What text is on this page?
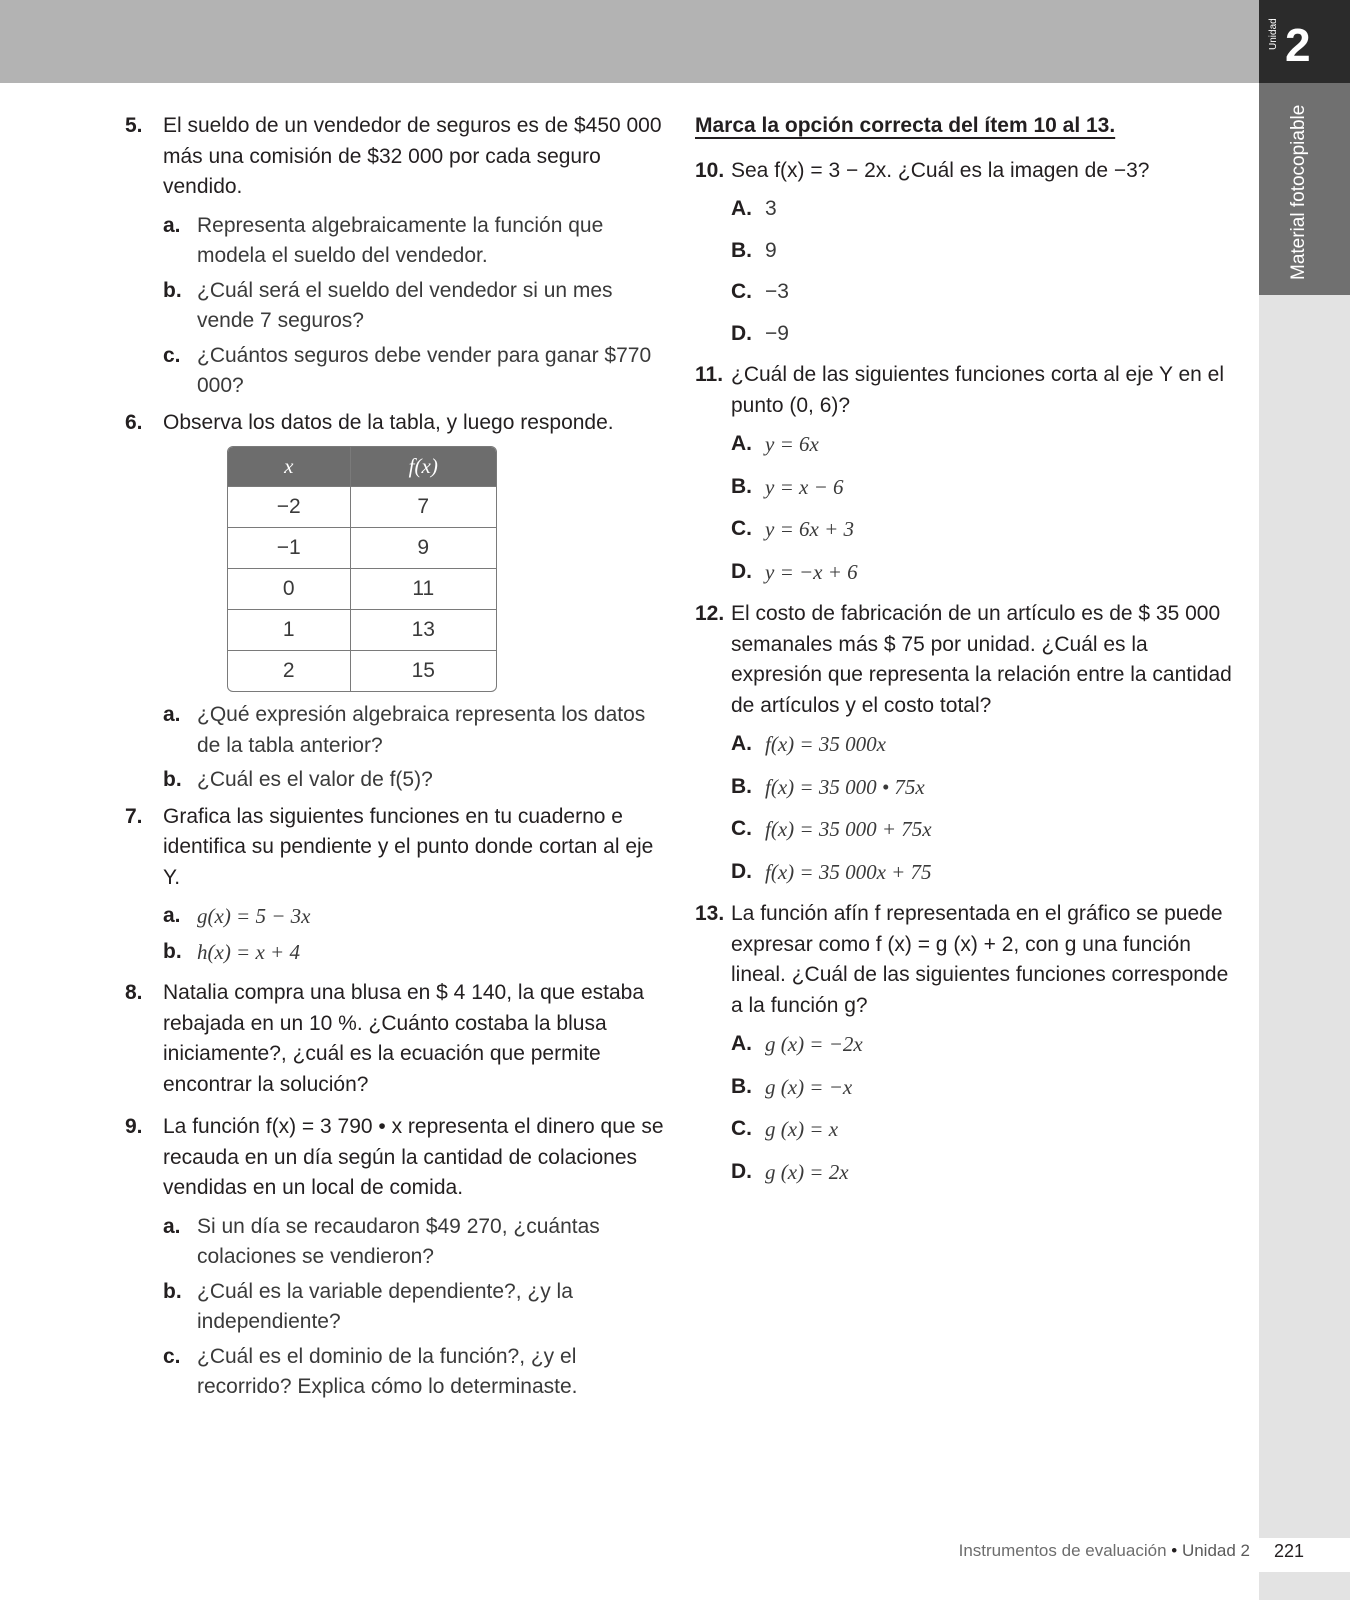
Unidad 2
Material fotocopiable
5. El sueldo de un vendedor de seguros es de $450 000 más una comisión de $32 000 por cada seguro vendido.
a. Representa algebraicamente la función que modela el sueldo del vendedor.
b. ¿Cuál será el sueldo del vendedor si un mes vende 7 seguros?
c. ¿Cuántos seguros debe vender para ganar $770 000?
6. Observa los datos de la tabla, y luego responde.
x	f(x)
−2	7
−1	9
0	11
1	13
2	15
a. ¿Qué expresión algebraica representa los datos de la tabla anterior?
b. ¿Cuál es el valor de f(5)?
7. Grafica las siguientes funciones en tu cuaderno e identifica su pendiente y el punto donde cortan al eje Y.
a. g(x) = 5 − 3x
b. h(x) = x + 4
8. Natalia compra una blusa en $ 4 140, la que estaba rebajada en un 10 %. ¿Cuánto costaba la blusa iniciamente?, ¿cuál es la ecuación que permite encontrar la solución?
9. La función f(x) = 3 790 • x representa el dinero que se recauda en un día según la cantidad de colaciones vendidas en un local de comida.
a. Si un día se recaudaron $49 270, ¿cuántas colaciones se vendieron?
b. ¿Cuál es la variable dependiente?, ¿y la independiente?
c. ¿Cuál es el dominio de la función?, ¿y el recorrido? Explica cómo lo determinaste.
Marca la opción correcta del ítem 10 al 13.
10. Sea f(x) = 3 − 2x. ¿Cuál es la imagen de −3?
A. 3
B. 9
C. −3
D. −9
11. ¿Cuál de las siguientes funciones corta al eje Y en el punto (0, 6)?
A. y = 6x
B. y = x − 6
C. y = 6x + 3
D. y = −x + 6
12. El costo de fabricación de un artículo es de $ 35 000 semanales más $ 75 por unidad. ¿Cuál es la expresión que representa la relación entre la cantidad de artículos y el costo total?
A. f(x) = 35 000x
B. f(x) = 35 000 • 75x
C. f(x) = 35 000 + 75x
D. f(x) = 35 000x + 75
13. La función afín f representada en el gráfico se puede expresar como f (x) = g (x) + 2, con g una función lineal. ¿Cuál de las siguientes funciones corresponde a la función g?
A. g (x) = −2x
B. g (x) = −x
C. g (x) = x
D. g (x) = 2x
Instrumentos de evaluación • Unidad 2	221
